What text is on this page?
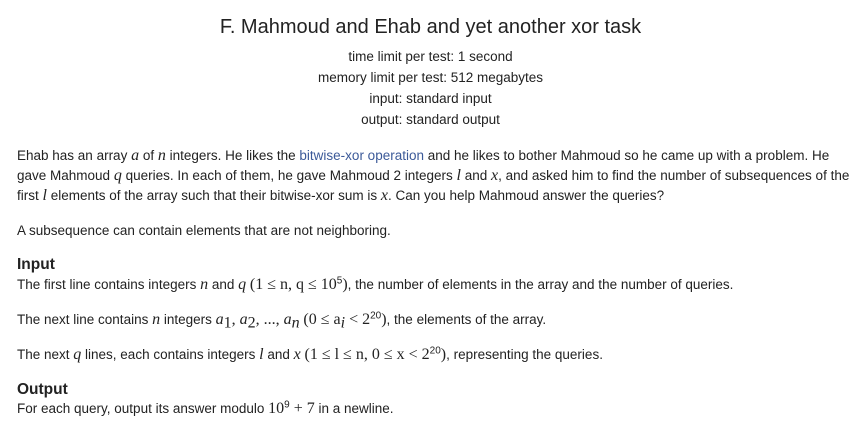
F. Mahmoud and Ehab and yet another xor task
time limit per test: 1 second
memory limit per test: 512 megabytes
input: standard input
output: standard output
Ehab has an array a of n integers. He likes the bitwise-xor operation and he likes to bother Mahmoud so he came up with a problem. He gave Mahmoud q queries. In each of them, he gave Mahmoud 2 integers l and x, and asked him to find the number of subsequences of the first l elements of the array such that their bitwise-xor sum is x. Can you help Mahmoud answer the queries?
A subsequence can contain elements that are not neighboring.
Input
The first line contains integers n and q (1 ≤ n, $q \le 10^5$), the number of elements in the array and the number of queries.
The next line contains n integers $a_1$, $a_2$, ..., $a_n$ $(0 \le a_i < 2^{20})$, the elements of the array.
The next q lines, each contains integers l and x (1 ≤ l ≤ n, $0 \le x < 2^{20}$), representing the queries.
Output
For each query, output its answer modulo $10^9 + 7$ in a newline.
